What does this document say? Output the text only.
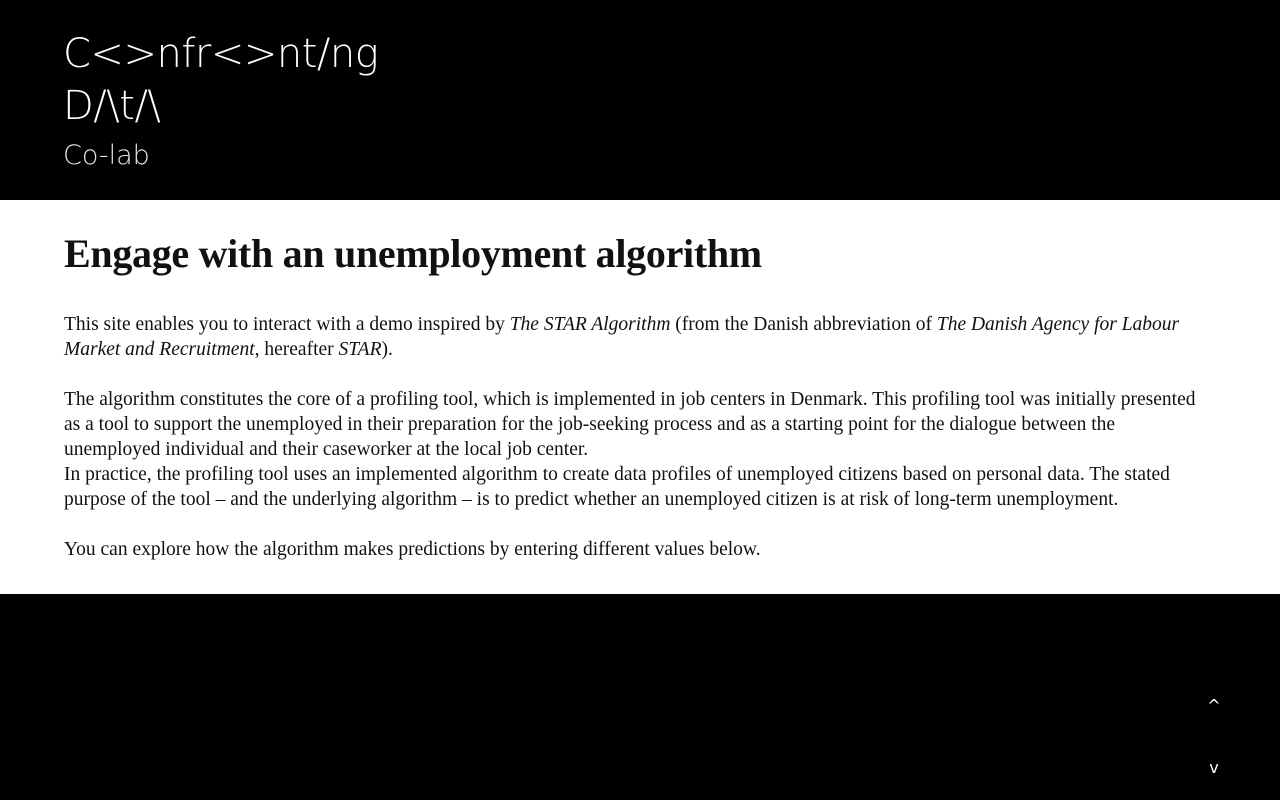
C<>nfr<>nt/ng
D/\t/\
Co-lab
Engage with an unemployment algorithm

This site enables you to interact with a demo inspired by The STAR Algorithm (from the Danish abbreviation of The Danish Agency for Labour Market and Recruitment, hereafter STAR).

The algorithm constitutes the core of a profiling tool, which is implemented in job centers in Denmark. This profiling tool was initially presented as a tool to support the unemployed in their preparation for the job-seeking process and as a starting point for the dialogue between the unemployed individual and their caseworker at the local job center.

In practice, the profiling tool uses an implemented algorithm to create data profiles of unemployed citizens based on personal data. The stated purpose of the tool – and the underlying algorithm – is to predict whether an unemployed citizen is at risk of long-term unemployment.

You can explore how the algorithm makes predictions by entering different values below.

^
v
